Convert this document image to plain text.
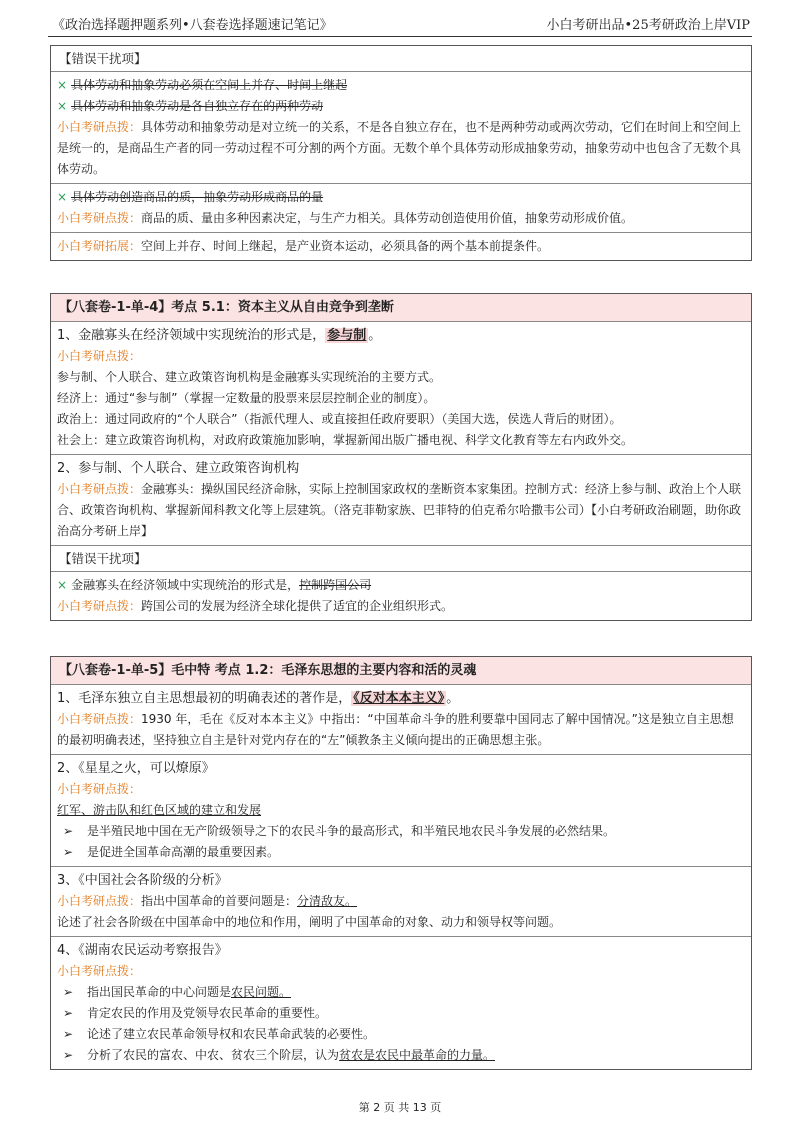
《政治选择题押题系列•八套卷选择题速记笔记》	小白考研出品•25考研政治上岸VIP
【错误干扰项】
× 具体劳动和抽象劳动必须在空间上并存、时间上继起
× 具体劳动和抽象劳动是各自独立存在的两种劳动
小白考研点拨：具体劳动和抽象劳动是对立统一的关系，不是各自独立存在，也不是两种劳动或两次劳动，它们在时间上和空间上是统一的，是商品生产者的同一劳动过程不可分割的两个方面。无数个单个具体劳动形成抽象劳动，抽象劳动中也包含了无数个具体劳动。
× 具体劳动创造商品的质，抽象劳动形成商品的量
小白考研点拨：商品的质、量由多种因素决定，与生产力相关。具体劳动创造使用价值，抽象劳动形成价值。
小白考研拓展：空间上并存、时间上继起，是产业资本运动，必须具备的两个基本前提条件。
【八套卷-1-单-4】考点 5.1：资本主义从自由竞争到垄断
1、金融寡头在经济领域中实现统治的形式是， 参与制 。
小白考研点拨：
参与制、个人联合、建立政策咨询机构是金融寡头实现统治的主要方式。
经济上：通过“参与制”（掌握一定数量的股票来层层控制企业的制度）。
政治上：通过同政府的“个人联合”（指派代理人、或直接担任政府要职）（美国大选，侯选人背后的财团）。
社会上：建立政策咨询机构，对政府政策施加影响，掌握新闻出版广播电视、科学文化教育等左右内政外交。
2、参与制、个人联合、建立政策咨询机构
小白考研点拨：金融寡头：操纵国民经济命脉，实际上控制国家政权的垄断资本家集团。控制方式：经济上参与制、政治上个人联合、政策咨询机构、掌握新闻科教文化等上层建筑。（洛克菲勒家族、巴菲特的伯克希尔哈撒韦公司）【小白考研政治刷题，助你政治高分考研上岸】
【错误干扰项】
× 金融寡头在经济领域中实现统治的形式是，控制跨国公司
小白考研点拨：跨国公司的发展为经济全球化提供了适宜的企业组织形式。
【八套卷-1-单-5】毛中特 考点 1.2：毛泽东思想的主要内容和活的灵魂
1、毛泽东独立自主思想最初的明确表述的著作是， 《反对本本主义》 。
小白考研点拨：1930 年，毛在《反对本本主义》中指出：“中国革命斗争的胜利要靠中国同志了解中国情况。”这是独立自主思想的最初明确表述，坚持独立自主是针对党内存在的“左”倾教条主义倾向提出的正确思想主张。
2、《星星之火，可以燎原》
小白考研点拨：
红军、游击队和红色区域的建立和发展
➢ 是半殖民地中国在无产阶级领导之下的农民斗争的最高形式，和半殖民地农民斗争发展的必然结果。
➢ 是促进全国革命高潮的最重要因素。
3、《中国社会各阶级的分析》
小白考研点拨：指出中国革命的首要问题是：分清敌友。
论述了社会各阶级在中国革命中的地位和作用，阐明了中国革命的对象、动力和领导权等问题。
4、《湖南农民运动考察报告》
小白考研点拨：
➢ 指出国民革命的中心问题是农民问题。
➢ 肯定农民的作用及党领导农民革命的重要性。
➢ 论述了建立农民革命领导权和农民革命武装的必要性。
➢ 分析了农民的富农、中农、贫农三个阶层，认为贫农是农民中最革命的力量。
第 2 页 共 13 页
